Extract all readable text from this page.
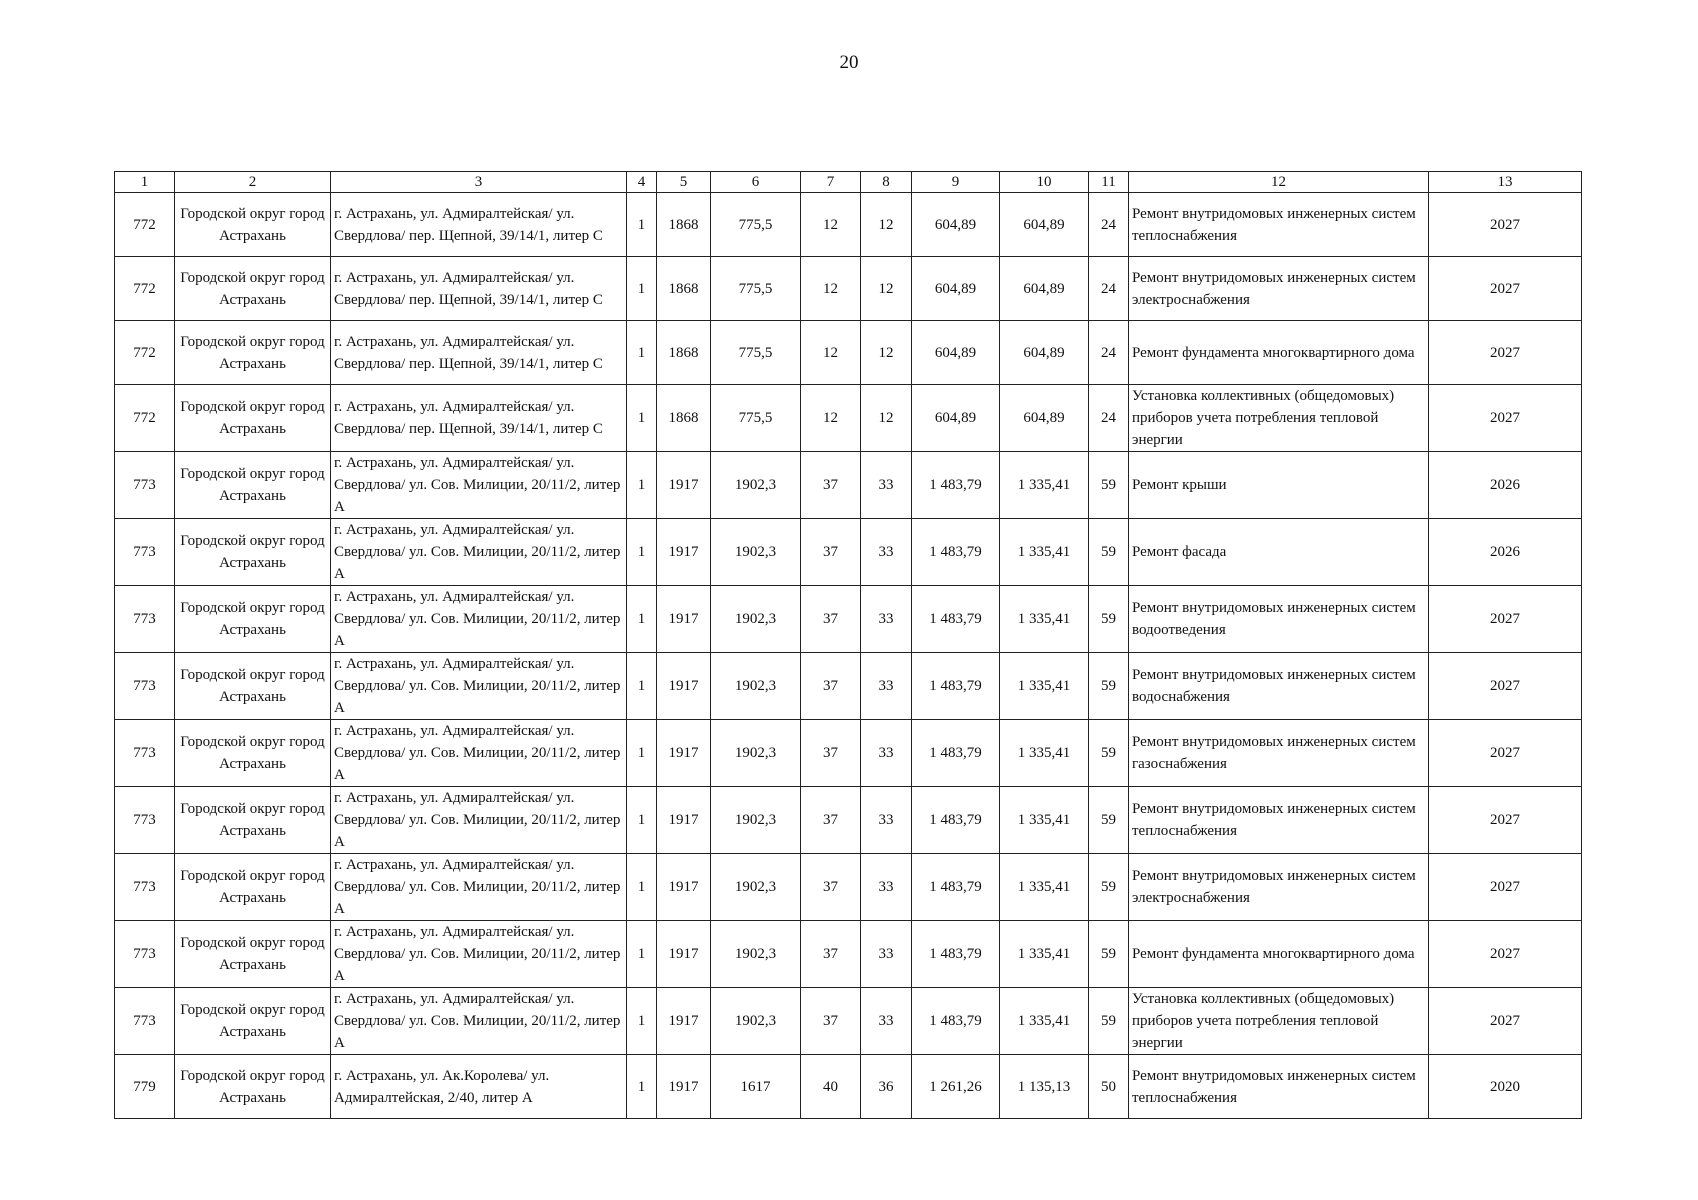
20
1	2	3	4	5	6	7	8	9	10	11	12	13
772	Городской округ город Астрахань	г. Астрахань, ул. Адмиралтейская/ ул. Свердлова/ пер. Щепной, 39/14/1, литер С	1	1868	775,5	12	12	604,89	604,89	24	Ремонт внутридомовых инженерных систем теплоснабжения	2027
772	Городской округ город Астрахань	г. Астрахань, ул. Адмиралтейская/ ул. Свердлова/ пер. Щепной, 39/14/1, литер С	1	1868	775,5	12	12	604,89	604,89	24	Ремонт внутридомовых инженерных систем электроснабжения	2027
772	Городской округ город Астрахань	г. Астрахань, ул. Адмиралтейская/ ул. Свердлова/ пер. Щепной, 39/14/1, литер С	1	1868	775,5	12	12	604,89	604,89	24	Ремонт фундамента многоквартирного дома	2027
772	Городской округ город Астрахань	г. Астрахань, ул. Адмиралтейская/ ул. Свердлова/ пер. Щепной, 39/14/1, литер С	1	1868	775,5	12	12	604,89	604,89	24	Установка коллективных (общедомовых) приборов учета потребления тепловой энергии	2027
773	Городской округ город Астрахань	г. Астрахань, ул. Адмиралтейская/ ул. Свердлова/ ул. Сов. Милиции, 20/11/2, литер А	1	1917	1902,3	37	33	1 483,79	1 335,41	59	Ремонт крыши	2026
773	Городской округ город Астрахань	г. Астрахань, ул. Адмиралтейская/ ул. Свердлова/ ул. Сов. Милиции, 20/11/2, литер А	1	1917	1902,3	37	33	1 483,79	1 335,41	59	Ремонт фасада	2026
773	Городской округ город Астрахань	г. Астрахань, ул. Адмиралтейская/ ул. Свердлова/ ул. Сов. Милиции, 20/11/2, литер А	1	1917	1902,3	37	33	1 483,79	1 335,41	59	Ремонт внутридомовых инженерных систем водоотведения	2027
773	Городской округ город Астрахань	г. Астрахань, ул. Адмиралтейская/ ул. Свердлова/ ул. Сов. Милиции, 20/11/2, литер А	1	1917	1902,3	37	33	1 483,79	1 335,41	59	Ремонт внутридомовых инженерных систем водоснабжения	2027
773	Городской округ город Астрахань	г. Астрахань, ул. Адмиралтейская/ ул. Свердлова/ ул. Сов. Милиции, 20/11/2, литер А	1	1917	1902,3	37	33	1 483,79	1 335,41	59	Ремонт внутридомовых инженерных систем газоснабжения	2027
773	Городской округ город Астрахань	г. Астрахань, ул. Адмиралтейская/ ул. Свердлова/ ул. Сов. Милиции, 20/11/2, литер А	1	1917	1902,3	37	33	1 483,79	1 335,41	59	Ремонт внутридомовых инженерных систем теплоснабжения	2027
773	Городской округ город Астрахань	г. Астрахань, ул. Адмиралтейская/ ул. Свердлова/ ул. Сов. Милиции, 20/11/2, литер А	1	1917	1902,3	37	33	1 483,79	1 335,41	59	Ремонт внутридомовых инженерных систем электроснабжения	2027
773	Городской округ город Астрахань	г. Астрахань, ул. Адмиралтейская/ ул. Свердлова/ ул. Сов. Милиции, 20/11/2, литер А	1	1917	1902,3	37	33	1 483,79	1 335,41	59	Ремонт фундамента многоквартирного дома	2027
773	Городской округ город Астрахань	г. Астрахань, ул. Адмиралтейская/ ул. Свердлова/ ул. Сов. Милиции, 20/11/2, литер А	1	1917	1902,3	37	33	1 483,79	1 335,41	59	Установка коллективных (общедомовых) приборов учета потребления тепловой энергии	2027
779	Городской округ город Астрахань	г. Астрахань, ул. Ак.Королева/ ул. Адмиралтейская, 2/40, литер А	1	1917	1617	40	36	1 261,26	1 135,13	50	Ремонт внутридомовых инженерных систем теплоснабжения	2020
